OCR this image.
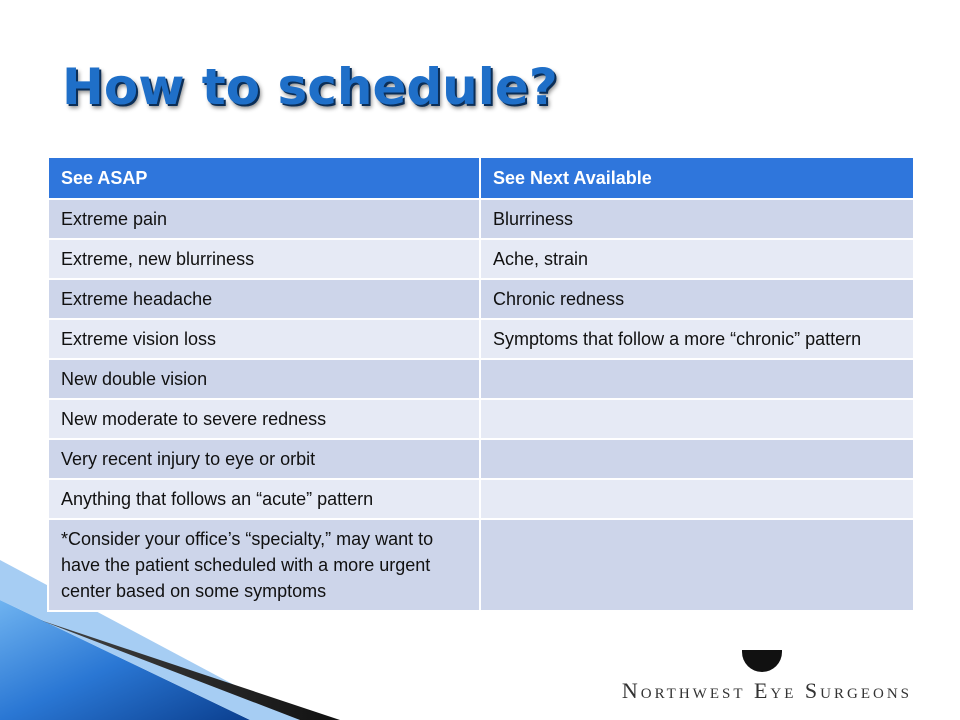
How to schedule?
See ASAP	See Next Available
Extreme pain	Blurriness
Extreme, new blurriness	Ache, strain
Extreme headache	Chronic redness
Extreme vision loss	Symptoms that follow a more “chronic” pattern
New double vision	
New moderate to severe redness	
Very recent injury to eye or orbit	
Anything that follows an “acute” pattern	
*Consider your office’s “specialty,” may want to have the patient scheduled with a more urgent center based on some symptoms	

Northwest Eye Surgeons
